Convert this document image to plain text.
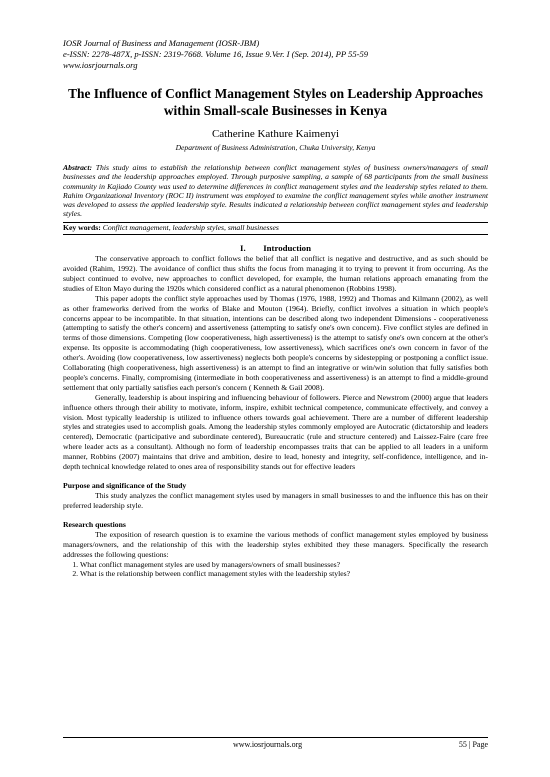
IOSR Journal of Business and Management (IOSR-JBM)
e-ISSN: 2278-487X, p-ISSN: 2319-7668. Volume 16, Issue 9.Ver. I (Sep. 2014), PP 55-59
www.iosrjournals.org
The Influence of Conflict Management Styles on Leadership Approaches within Small-scale Businesses in Kenya
Catherine Kathure Kaimenyi
Department of Business Administration, Chuka University, Kenya
Abstract: This study aims to establish the relationship between conflict management styles of business owners/managers of small businesses and the leadership approaches employed. Through purposive sampling, a sample of 68 participants from the small business community in Kajiado County was used to determine differences in conflict management styles and the leadership styles related to them. Rahim Organizational Inventory (ROC II) instrument was employed to examine the conflict management styles while another instrument was developed to assess the applied leadership style. Results indicated a relationship between conflict management styles and leadership styles.
Key words: Conflict management, leadership styles, small businesses
I.        Introduction

The conservative approach to conflict follows the belief that all conflict is negative and destructive, and as such should be avoided (Rahim, 1992). The avoidance of conflict thus shifts the focus from managing it to trying to prevent it from occurring. As the subject continued to evolve, new approaches to conflict developed, for example, the human relations approach emanating from the studies of Elton Mayo during the 1920s which considered conflict as a natural phenomenon (Robbins 1998).

This paper adopts the conflict style approaches used by Thomas (1976, 1988, 1992) and Thomas and Kilmann (2002), as well as other frameworks derived from the works of Blake and Mouton (1964). Briefly, conflict involves a situation in which people's concerns appear to be incompatible. In that situation, intentions can be described along two independent Dimensions - cooperativeness (attempting to satisfy the other's concern) and assertiveness (attempting to satisfy one's own concern). Five conflict styles are defined in terms of those dimensions. Competing (low cooperativeness, high assertiveness) is the attempt to satisfy one's own concern at the other's expense. Its opposite is accommodating (high cooperativeness, low assertiveness), which sacrifices one's own concern in favor of the other's. Avoiding (low cooperativeness, low assertiveness) neglects both people's concerns by sidestepping or postponing a conflict issue. Collaborating (high cooperativeness, high assertiveness) is an attempt to find an integrative or win/win solution that fully satisfies both people's concerns. Finally, compromising (intermediate in both cooperativeness and assertiveness) is an attempt to find a middle-ground settlement that only partially satisfies each person's concern ( Kenneth & Gail 2008).

Generally, leadership is about inspiring and influencing behaviour of followers. Pierce and Newstrom (2000) argue that leaders influence others through their ability to motivate, inform, inspire, exhibit technical competence, communicate effectively, and convey a vision. Most typically leadership is utilized to influence others towards goal achievement. There are a number of different leadership styles and strategies used to accomplish goals. Among the leadership styles commonly employed are Autocratic (dictatorship and leaders centered), Democratic (participative and subordinate centered), Bureaucratic (rule and structure centered) and Laissez-Faire (care free where leader acts as a consultant). Although no form of leadership encompasses traits that can be applied to all leaders in a uniform manner, Robbins (2007) maintains that drive and ambition, desire to lead, honesty and integrity, self-confidence, intelligence, and in-depth technical knowledge related to ones area of responsibility stands out for effective leaders

Purpose and significance of the Study

This study analyzes the conflict management styles used by managers in small businesses to and the influence this has on their preferred leadership style.

Research questions

The exposition of research question is to examine the various methods of conflict management styles employed by business managers/owners, and the relationship of this with the leadership styles exhibited they these managers. Specifically the research addresses the following questions:

1. What conflict management styles are used by managers/owners of small businesses?
2. What is the relationship between conflict management styles with the leadership styles?
www.iosrjournals.org	55 | Page
